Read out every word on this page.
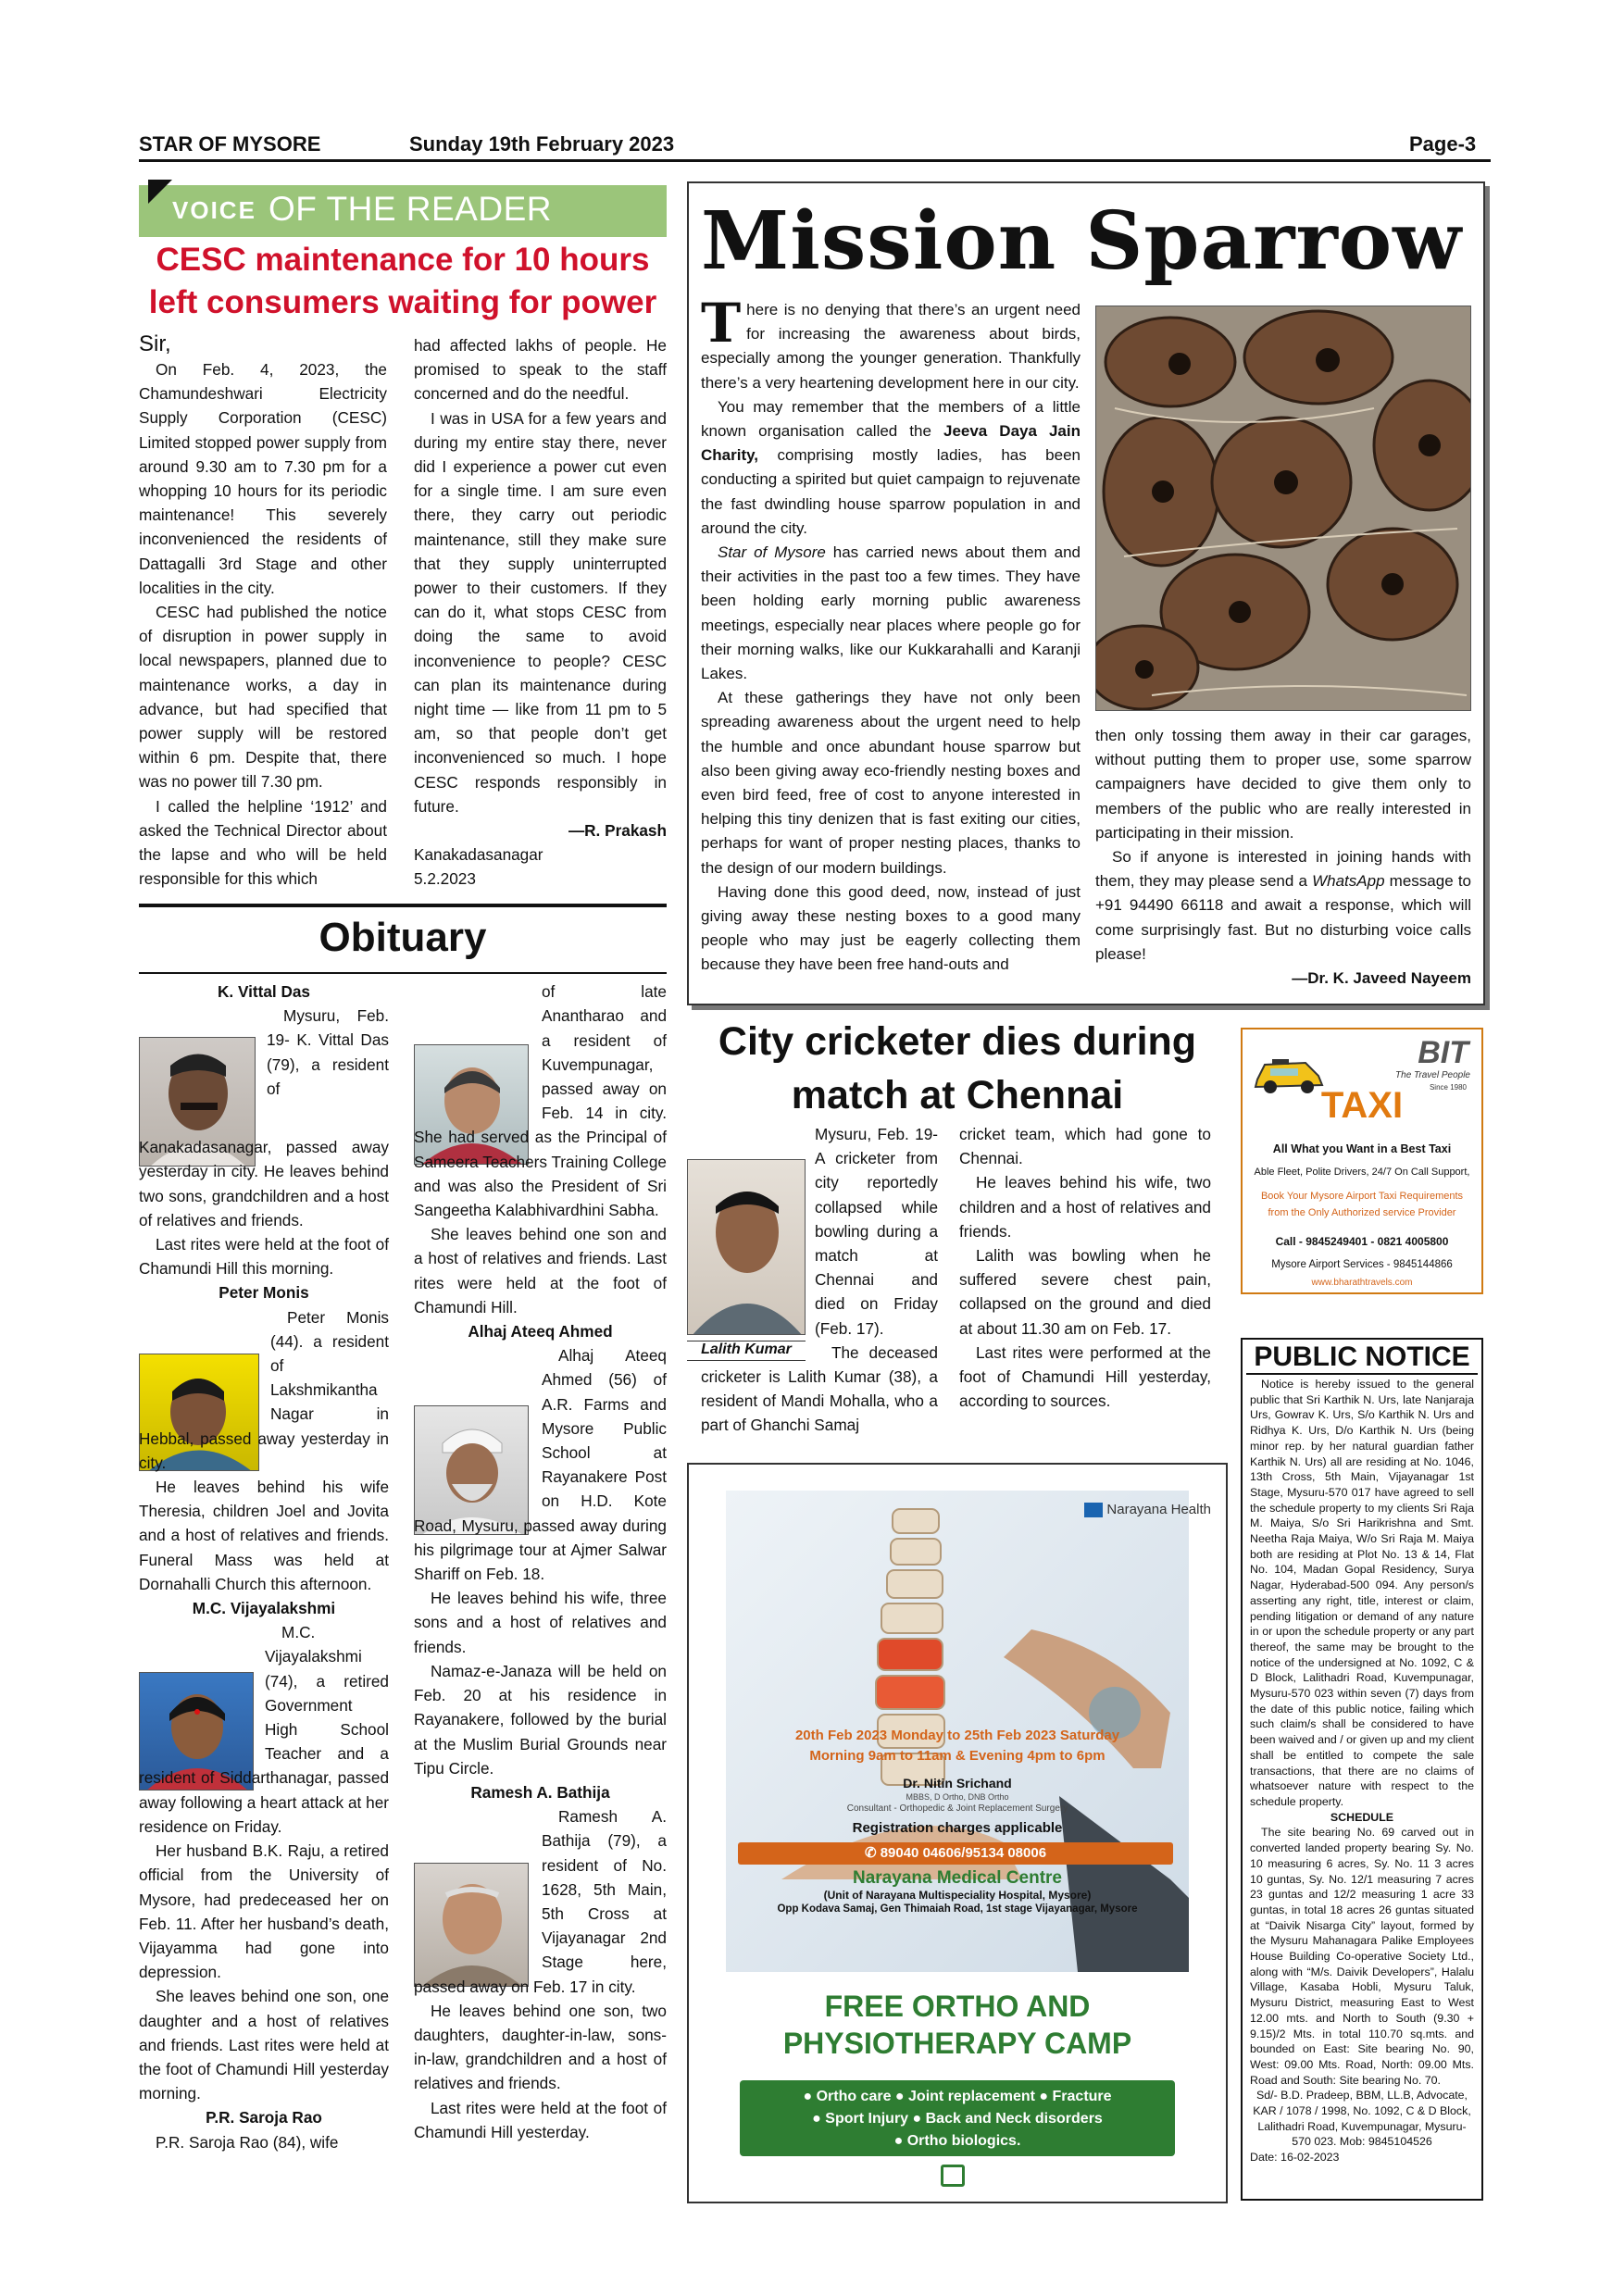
STAR OF MYSORE	Sunday 19th February 2023	Page-3
VOICE OF THE READER
CESC maintenance for 10 hours
left consumers waiting for power

Sir,

On Feb. 4, 2023, the Chamundeshwari Electricity Supply Corporation (CESC) Limited stopped power supply from around 9.30 am to 7.30 pm for a whopping 10 hours for its periodic maintenance! This severely inconvenienced the residents of Dattagalli 3rd Stage and other localities in the city.

CESC had published the notice of disruption in power supply in local newspapers, planned due to maintenance works, a day in advance, but had specified that power supply will be restored within 6 pm. Despite that, there was no power till 7.30 pm.

I called the helpline ‘1912’ and asked the Technical Director about the lapse and who will be held responsible for this which

had affected lakhs of people. He promised to speak to the staff concerned and do the needful.

I was in USA for a few years and during my entire stay there, never did I experience a power cut even for a single time. I am sure even there, they carry out periodic maintenance, still they make sure that they supply uninterrupted power to their customers. If they can do it, what stops CESC from doing the same to avoid inconvenience to people? CESC can plan its maintenance during night time — like from 11 pm to 5 am, so that people don’t get inconvenienced so much. I hope CESC responds responsibly in future.

—R. Prakash

Kanakadasanagar

5.2.2023

Obituary

K. Vittal Das

Mysuru, Feb. 19- K. Vittal Das (79), a resident of Kanakadasanagar, passed away yesterday in city. He leaves behind two sons, grandchildren and a host of relatives and friends.

Last rites were held at the foot of Chamundi Hill this morning.

Peter Monis

Peter Monis (44). a resident of Lakshmikantha Nagar in Hebbal, passed away yesterday in city.

He leaves behind his wife Theresia, children Joel and Jovita and a host of relatives and friends. Funeral Mass was held at Dornahalli Church this afternoon.

M.C. Vijayalakshmi

M.C. Vijayalakshmi (74), a retired Government High School Teacher and a resident of Siddarthanagar, passed away following a heart attack at her residence on Friday.

Her husband B.K. Raju, a retired official from the University of Mysore, had predeceased her on Feb. 11. After her husband’s death, Vijayamma had gone into depression.

She leaves behind one son, one daughter and a host of relatives and friends. Last rites were held at the foot of Chamundi Hill yesterday morning.

P.R. Saroja Rao

P.R. Saroja Rao (84), wife

of late Anantharao and a resident of Kuvempunagar, passed away on Feb. 14 in city. She had served as the Principal of Sameera Teachers Training College and was also the President of Sri Sangeetha Kalabhivardhini Sabha.

She leaves behind one son and a host of relatives and friends. Last rites were held at the foot of Chamundi Hill.

Alhaj Ateeq Ahmed

Alhaj Ateeq Ahmed (56) of A.R. Farms and Mysore Public School at Rayanakere Post on H.D. Kote Road, Mysuru, passed away during his pilgrimage tour at Ajmer Salwar Shariff on Feb. 18.

He leaves behind his wife, three sons and a host of relatives and friends.

Namaz-e-Janaza will be held on Feb. 20 at his residence in Rayanakere, followed by the burial at the Muslim Burial Grounds near Tipu Circle.

Ramesh A. Bathija

Ramesh A. Bathija (79), a resident of No. 1628, 5th Main, 5th Cross at Vijayanagar 2nd Stage here, passed away on Feb. 17 in city.

He leaves behind one son, two daughters, daughter-in-law, sons-in-law, grandchildren and a host of relatives and friends.

Last rites were held at the foot of Chamundi Hill yesterday.

Mission Sparrow

There is no denying that there’s an urgent need for increasing the awareness about birds, especially among the younger generation. Thankfully there’s a very heartening development here in our city.

You may remember that the members of a little known organisation called the Jeeva Daya Jain Charity, comprising mostly ladies, has been conducting a spirited but quiet campaign to rejuvenate the fast dwindling house sparrow population in and around the city.

Star of Mysore has carried news about them and their activities in the past too a few times. They have been holding early morning public awareness meetings, especially near places where people go for their morning walks, like our Kukkarahalli and Karanji Lakes.

At these gatherings they have not only been spreading awareness about the urgent need to help the humble and once abundant house sparrow but also been giving away eco-friendly nesting boxes and even bird feed, free of cost to anyone interested in helping this tiny denizen that is fast exiting our cities, perhaps for want of proper nesting places, thanks to the design of our modern buildings.

Having done this good deed, now, instead of just giving away these nesting boxes to a good many people who may just be eagerly collecting them because they have been free hand-outs and

then only tossing them away in their car garages, without putting them to proper use, some sparrow campaigners have decided to give them only to members of the public who are really interested in participating in their mission.

So if anyone is interested in joining hands with them, they may please send a WhatsApp message to +91 94490 66118 and await a response, which will come surprisingly fast. But no disturbing voice calls please!

—Dr. K. Javeed Nayeem

City cricketer dies during
match at Chennai
Lalith Kumar

Mysuru, Feb. 19- A cricketer from city reportedly collapsed while bowling during a match at Chennai and died on Friday (Feb. 17).

The deceased cricketer is Lalith Kumar (38), a resident of Mandi Mohalla, who a part of Ghanchi Samaj

cricket team, which had gone to Chennai.

He leaves behind his wife, two children and a host of relatives and friends.

Lalith was bowling when he suffered severe chest pain, collapsed on the ground and died at about 11.30 am on Feb. 17.

Last rites were performed at the foot of Chamundi Hill yesterday, according to sources.

BIT
The Travel People
Since 1980
TAXI
All What you Want in a Best Taxi
Able Fleet, Polite Drivers, 24/7 On Call Support,
Book Your Mysore Airport Taxi Requirements
from the Only Authorized service Provider
Call - 9845249401 - 0821 4005800
Mysore Airport Services - 9845144866
www.bharathtravels.com
PUBLIC NOTICE

Notice is hereby issued to the general public that Sri Karthik N. Urs, late Nanjaraja Urs, Gowrav K. Urs, S/o Karthik N. Urs and Ridhya K. Urs, D/o Karthik N. Urs (being minor rep. by her natural guardian father Karthik N. Urs) all are residing at No. 1046, 13th Cross, 5th Main, Vijayanagar 1st Stage, Mysuru-570 017 have agreed to sell the schedule property to my clients Sri Raja M. Maiya, S/o Sri Harikrishna and Smt. Neetha Raja Maiya, W/o Sri Raja M. Maiya both are residing at Plot No. 13 & 14, Flat No. 104, Madan Gopal Residency, Surya Nagar, Hyderabad-500 094. Any person/s asserting any right, title, interest or claim, pending litigation or demand of any nature in or upon the schedule property or any part thereof, the same may be brought to the notice of the undersigned at No. 1092, C & D Block, Lalithadri Road, Kuvempunagar, Mysuru-570 023 within seven (7) days from the date of this public notice, failing which such claim/s shall be considered to have been waived and / or given up and my client shall be entitled to compete the sale transactions, that there are no claims of whatsoever nature with respect to the schedule property.

SCHEDULE

The site bearing No. 69 carved out in converted landed property bearing Sy. No. 10 measuring 6 acres, Sy. No. 11 3 acres 10 guntas, Sy. No. 12/1 measuring 7 acres 23 guntas and 12/2 measuring 1 acre 33 guntas, in total 18 acres 26 guntas situated at “Daivik Nisarga City” layout, formed by the Mysuru Mahanagara Palike Employees House Building Co-operative Society Ltd., along with “M/s. Daivik Developers”, Halalu Village, Kasaba Hobli, Mysuru Taluk, Mysuru District, measuring East to West 12.00 mts. and North to South (9.30 + 9.15)/2 Mts. in total 110.70 sq.mts. and bounded on East: Site bearing No. 90, West: 09.00 Mts. Road, North: 09.00 Mts. Road and South: Site bearing No. 70.

Sd/- B.D. Pradeep, BBM, LL.B, Advocate, KAR / 1078 / 1998, No. 1092, C & D Block, Lalithadri Road, Kuvempunagar, Mysuru-570 023. Mob: 9845104526

Date: 16-02-2023

Narayana Health
FREE ORTHO AND
PHYSIOTHERAPY CAMP
● Ortho care ● Joint replacement ● Fracture
● Sport Injury ● Back and Neck disorders
● Ortho biologics.
20th Feb 2023 Monday to 25th Feb 2023 Saturday
Morning 9am to 11am & Evening 4pm to 6pm
Dr. Nitin Srichand
MBBS, D Ortho, DNB Ortho
Consultant - Orthopedic & Joint Replacement Surgery
Registration charges applicable
✆ 89040 04606/95134 08006
Narayana Medical Centre
(Unit of Narayana Multispeciality Hospital, Mysore)
Opp Kodava Samaj, Gen Thimaiah Road, 1st stage Vijayanagar, Mysore
